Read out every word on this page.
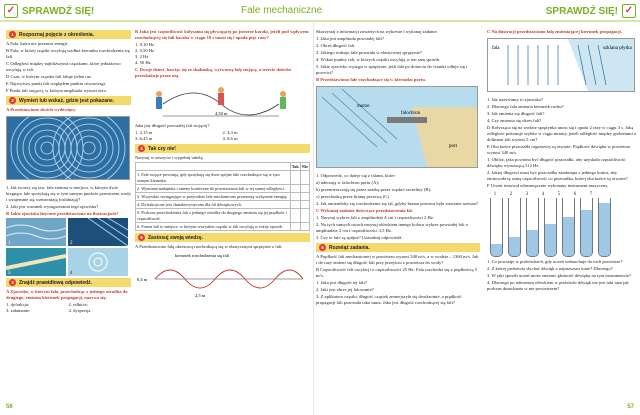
✓ SPRAWDŹ SIĘ!	Fale mechaniczne	SPRAWDŹ SIĘ! ✓
1	Rozpoznaj pojęcie z określenia.
A Fala, która nie przenosi energii.
B Fala, w której cząstki oscylują wzdłuż kierunku rozchodzenia się fali.
C Odległość między najbliższymi cząstkami, które jednakowo oscylują w fali.
D Czas, w którym cząstka fali faluje jeden raz.
E Najwyższy punkt fali względem punktu równowagi.
F Punkt fali stojącej, w którym amplituda wynosi zero.
2	Wymień lub wskaż, gdzie jest pokazane.
A Przedstawiono dwóch wydźwięcy.
1. Jak tworzy się tzw. fala ziemna w miejscu, w którym dwie biegnące fale spotykają się w tym samym punkcie przestrzeni wody i wzajemnie się wzmacniają (osłabiają)?
2. Jaki jest warunek występowania tego zjawiska?
B Jakie zjawiska fizyczne przedstawiono na ilustracjach?
1	2
3	4
3	Znajdź prawidłową odpowiedź.
A Zjawisko, w którym fala, przechodząc z jednego ośrodka do drugiego, zmienia kierunek propagacji, nazywa się:
1. dyfrakcja;	2. odbicie;
3. załamanie;	4. dyspersja.
B Jaka jest częstotliwość kołysania się pływającej po jeziorze kaczki, jeżeli pod wpływem rozchodzącej się fali kaczka w ciągu 10 s unosi się i opada pięć razy?
1. 0,10 Hz
2. 0,50 Hz
3. 2 Hz
4. 50 Hz
C Dwoje dzieci, bawiąc się ze skakanką, wytworzą falę stojącą, a trzecie dziecko przeskakuje przez nią.
4,50 m
Jaka jest długość powstałej fali stojącej?
1. 2,15 m	2. 4,3 m
3. 6,45 m	4. 8,6 m
4	Tak czy nie!
Narysuj w zeszycie i wypełnij tabelę.
	Tak	Nie
1. Fale stojące powstają, gdy spotykają się dwie spójne fale rozchodzące się w tym samym kierunku.		
2. Wymiana nadajnika i anteny konieczne do powstawania fali w tej samej odległości.		
3. Wszystkie występujące w przyrodzie fale mechaniczne przenoszą wyłącznie energię.		
4. Dyfrakcja nie jest charakterystyczna dla fal dźwiękowych.		
5. Podczas przechodzenia fali z jednego ośrodka do drugiego zmienia się jej prędkość i częstotliwość.		
6. Fonon fali to miejsce, w którym wszystkie cząstki w fali oscylują w różny sposób.		
5	Zastosuj swoją wiedzę.
A Przedstawiono falę okresową rozchodzącą się w elastycznym sprężynie o fali.
kierunek rozchodzenia się fali
2,5 m
0,4 m
Skorzystaj z informacji zawartych na wykresie i wykonaj zadanie.
1. Jaka jest amplituda powstałej fali?
2. Okreś długość fali.
3. Jakiego rodzaju fala powstała w elastycznej sprężynie?
4. Wskaż punkty fali, w których cząstki oscylują w ten sam sposób.
5. Jakie zjawisko wystąpi w sprężynie, jeśli fala po dotarciu do ścianki odbije się i powróci?
B Przedstawiono fale rozchodzące się w kierunku portu.
morze
port
falochron
1. Odpowiedz, co dzieje się z falami, które:
a) uderzają w falochron portu (A);
b) przemieszczają się przez zatokę przez wąskie szczeliny (B);
c) przechodzą przez bramę portową (C).
2. Jak zmieniłoby się rozchodzenie się fal, gdyby brama portowa była znacznie szersza?
C Wykonaj zadanie dotyczące przedstawienia fal.
1. Narysuj wykres fali o amplitudzie 4 cm i częstotliwości 2 Hz.
2. Na tych samych osiach narysuj ołówkiem innego koloru wykres powstałej fali o amplitudzie 2 cm i częstotliwości 3,5 Hz.
3. Czy te fale są spójne? Uzasadnij odpowiedź.
6	Rozwiąż zadania.
A Prędkość fali mechanicznej w powietrzu wynosi 340 m/s, a w wodzie – 1360 m/s. Jak i ile razy zmieni się długość fali przy przejściu z powietrza do wody?
B Częstotliwość fali oscylacji o częstotliwości 25 Hz. Fala rozchodzi się z prędkością 5 m/s.
1. Jaka jest długość tej fali?
2. Jaki jest okres jej falowania?
3. Z aplikatora cząstki, długość cząstek zmniejszyła się dwukrotnie, a prędkość propagacji fali pozostała taka sama. Jaka jest długość rozchodzącej się fali?
C Na ilustracji przedstawiono falę zmieniającej kierunek propagacji.
fala	szklana płytka
1. Jak nazywamy to zjawisko?
2. Dlaczego fala zmienia kierunek ruchu?
3. Jak zmienia się długość fali?
4. Czy zmienia się okres fali?
D Kołysząca się na wodzie sprężynka unosi się i opada 2 razy w ciągu 3 s. Jaką odległość pokonuje szybko w ciągu minuty, jeżeli odległość między grzbietami a dolinami fali wynosi 5 cm?
E Oba końce piszczałki organowej są otwarte. Prędkość dźwięku w powietrzu wynosi 340 m/s.
1. Oblicz, jaka powinna być długość piszczałki, aby uzyskała częstotliwość dźwięku wynoszącą 512 Hz.
2. Jakiej długości musi być piszczałka zamknięta z jednego końca, aby emitowała tę samą częstotliwość co piszczałka, której oba końce są otwarte?
F Uczeń testował własnoręcznie wykonany instrument muzyczny.
1	2	3	4	5	6	7
1. Co powstaje w probówkach, gdy uczeń wdmuchuje do nich powietrze?
2. Z której probówki słychać dźwięk o najniższym tonie? Dlaczego?
3. W jaki sposób uczeń może zmienić głośność dźwięku na tym instrumencie?
4. Dlaczego po uderzeniu ołówkiem w probówki dźwięk nie jest taki sam jak podczas dmuchania w nie powietrzem?
56	57
